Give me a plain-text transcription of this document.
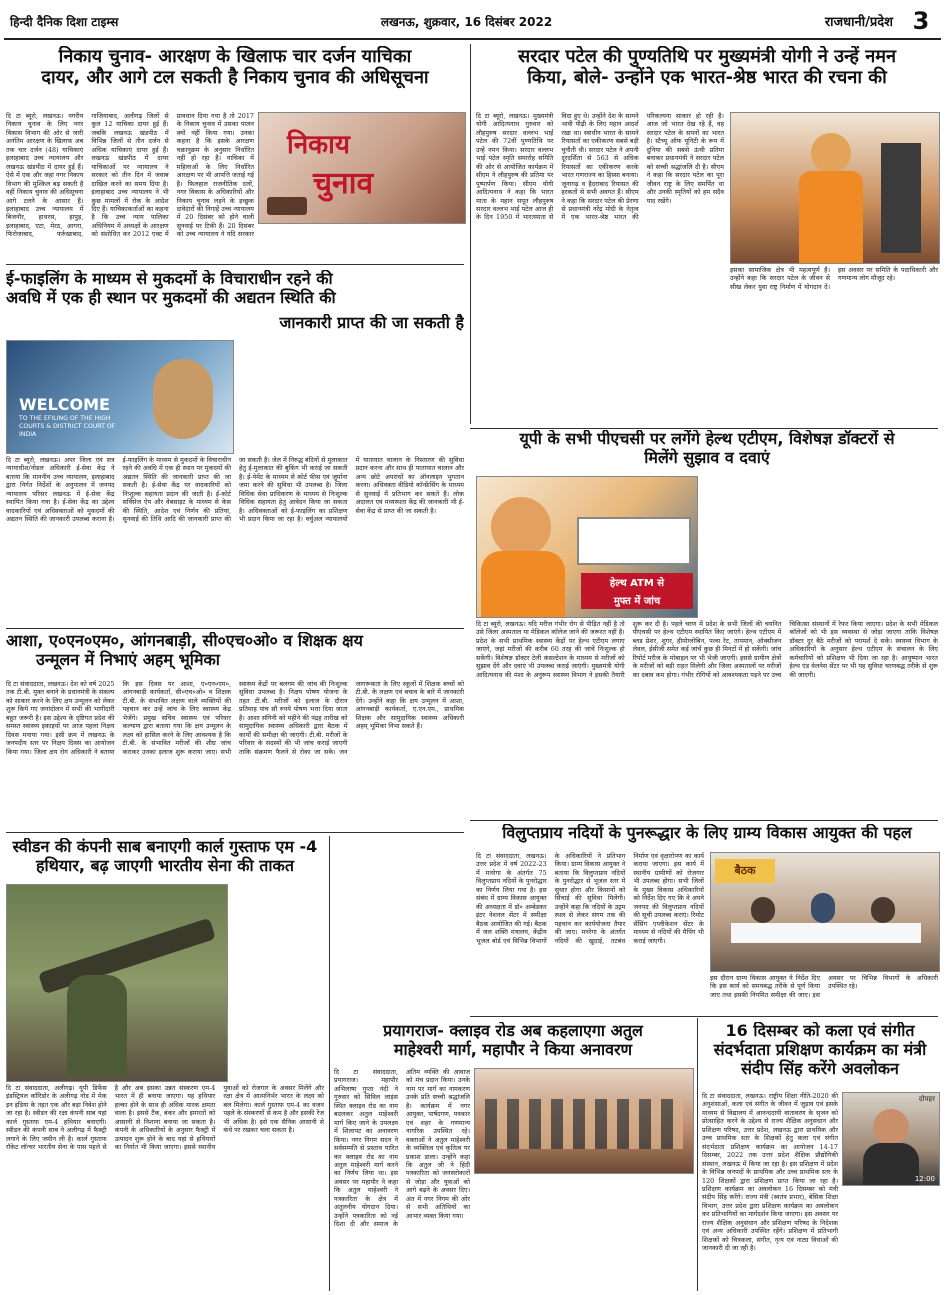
हिन्दी दैनिक दिशा टाइम्स	लखनऊ, शुक्रवार, 16 दिसंबर 2022	राजधानी/प्रदेश 3
निकाय चुनाव- आरक्षण के खिलाफ चार दर्जन याचिका
दायर, और आगे टल सकती है निकाय चुनाव की अधिसूचना
दि टा ब्यूरो, लखनऊ। नगरीय निकाय चुनाव के लिए नगर विकास विभाग की ओर से जारी अनंतिम आरक्षण के खिलाफ अब तक चार दर्जन (48) याचिकाएं इलाहाबाद उच्च न्यायालय और लखनऊ खंडपीठ में दायर हुई हैं। ऐसे में एक और जहां नगर निकाय विभाग की मुश्किल बढ़ सकती है वहीं निकाय चुनाव की अधिसूचना आगे टलने के आसार हैं। इलाहाबाद उच्च न्यायालय में बिजनौर, हाथरस, हापुड़, इलाहाबाद, एटा, मेरठ, आगरा, फिरोजाबाद, फर्रुखाबाद, गाजियाबाद, अलीगढ़ जिलों से कुल 12 याचिका दायर हुई हैं। जबकि लखनऊ खंडपीठ में विभिन्न जिलों से तीन दर्जन से अधिक याचिकाएं दायर हुई हैं। लखनऊ खंडपीठ में दायर याचिकाओं पर न्यायालय ने सरकार को तीन दिन में जवाब दाखिल करने का समय दिया है। इलाहाबाद उच्च न्यायालय ने भी कुछ मामलों में रोक के आदेश दिए हैं। याचिकाकर्ताओं का कहना है कि उच्च न्याय पालिका अधिनियम में अध्यक्षों के आरक्षण को संशोधित कर 2012 एक्ट में प्रावधान दिया गया है तो 2017 के निकाय चुनाव में उसका पालन क्यों नहीं किया गया। उनका कहना है कि इसके आरक्षण चक्रानुक्रम के अनुसार निर्धारित नहीं हो रहा है। याचिका में महिलाओं के लिए निर्धारित आरक्षण पर भी आपत्ति जताई गई है। फिलहाल राजनीतिक दलों, नगर विकास के अधिकारियों और निकाय चुनाव लड़ने के इच्छुक दावेदारों की निगाहें उच्च न्यायालय में 20 दिसंबर को होने वाली सुनवाई पर टिकी हैं। 20 दिसंबर को उच्च न्यायालय ने यदि सरकार
निकाय
चुनाव
सरदार पटेल की पुण्यतिथि पर मुख्यमंत्री योगी ने उन्हें नमन
किया, बोले- उन्होंने एक भारत-श्रेष्ठ भारत की रचना की
दि टा ब्यूरो, लखनऊ। मुख्यमंत्री योगी आदित्यनाथ गुरुवार को लौहपुरुष सरदार वल्लभ भाई पटेल की 72वीं पुण्यतिथि पर उन्हें नमन किया। सरदार वल्लभ भाई पटेल स्मृति समारोह समिति की ओर से आयोजित कार्यक्रम में सीएम ने लौहपुरुष की प्रतिमा पर पुष्पार्पण किया। सीएम योगी आदित्यनाथ ने कहा कि भारत माता के महान सपूत लौहपुरुष सरदार वल्लभ भाई पटेल आज ही के दिन 1950 में भारतमाता से विदा हुए थे। उन्होंने देश के सामने भावी पीढ़ी के लिए महान आदर्श रखा था। स्वाधीन भारत के सामने रियासतों का एकीकरण सबसे बड़ी चुनौती थी। सरदार पटेल ने अपनी दूरदर्शिता से 563 से अधिक रियासतों का एकीकरण करके भारत गणराज्य का हिस्सा बनाया। जूनागढ़ व हैदराबाद रियासत की हरकतों से सभी अवगत हैं। सीएम ने कहा कि सरदार पटेल की प्रेरणा से प्रधानमंत्री नरेंद्र मोदी के नेतृत्व में एक भारत-श्रेष्ठ भारत की परिकल्पना साकार हो रही है। आज जो भारत देख रहे हैं, वह सरदार पटेल के सपनों का भारत है। स्टैच्यू ऑफ यूनिटी के रूप में दुनिया की सबसे ऊंची प्रतिमा बनाकर प्रधानमंत्री ने सरदार पटेल को सच्ची श्रद्धांजलि दी है। सीएम ने कहा कि सरदार पटेल का पूरा जीवन राष्ट्र के लिए समर्पित था और उनकी स्मृतियों को हम सदैव याद रखेंगे।
इसका सामाजिक क्षेत्र भी महत्वपूर्ण है। उन्होंने कहा कि सरदार पटेल के जीवन से सीख लेकर युवा राष्ट्र निर्माण में योगदान दें। इस अवसर पर समिति के पदाधिकारी और गणमान्य लोग मौजूद रहे।
ई-फाइलिंग के माध्यम से मुकदमों के विचाराधीन रहने की
अवधि में एक ही स्थान पर मुकदमों की अद्यतन स्थिति की
जानकारी प्राप्त की जा सकती है
WELCOME
TO THE EFILING OF THE HIGH COURTS & DISTRICT COURT OF INDIA
दि टा ब्यूरो, लखनऊ। अपर जिला एवं सत्र न्यायाधीश/नोडल अधिकारी ई-सेवा केंद्र ने बताया कि माननीय उच्च न्यायालय, इलाहाबाद द्वारा निर्गत निर्देशों के अनुपालन में जनपद न्यायालय परिसर लखनऊ में ई-सेवा केंद्र स्थापित किया गया है। ई-सेवा केंद्र का उद्देश्य वादकारियों एवं अधिवक्ताओं को मुकदमों की अद्यतन स्थिति की जानकारी उपलब्ध कराना है। ई-फाइलिंग के माध्यम से मुकदमों के विचाराधीन रहने की अवधि में एक ही स्थान पर मुकदमों की अद्यतन स्थिति की जानकारी प्राप्त की जा सकती है। ई-सेवा केंद्र पर वादकारियों को निःशुल्क सहायता प्रदान की जाती है। ई-कोर्ट सर्विसेज ऐप और वेबसाइट के माध्यम से केस की स्थिति, आदेश एवं निर्णय की प्रतियां, सुनवाई की तिथि आदि की जानकारी प्राप्त की जा सकती है। जेल में निरुद्ध बंदियों से मुलाकात हेतु ई-मुलाकात की बुकिंग भी कराई जा सकती है। ई-पेमेंट के माध्यम से कोर्ट फीस एवं जुर्माना जमा करने की सुविधा भी उपलब्ध है। जिला विधिक सेवा प्राधिकरण के माध्यम से निःशुल्क विधिक सहायता हेतु आवेदन किया जा सकता है। अधिवक्ताओं को ई-फाइलिंग का प्रशिक्षण भी प्रदान किया जा रहा है। वर्चुअल न्यायालयों में यातायात चालान के निस्तारण की सुविधा प्रदान करना और साथ ही यातायात चालान और अन्य छोटे अपराधों का ऑनलाइन भुगतान करना। अधिवक्ता वीडियो कॉन्फ्रेंसिंग के माध्यम से सुनवाई में प्रतिभाग कर सकते हैं। लोक अदालत एवं मध्यस्थता केंद्र की जानकारी भी ई-सेवा केंद्र से प्राप्त की जा सकती है।
यूपी के सभी पीएचसी पर लगेंगे हेल्थ एटीएम, विशेषज्ञ डॉक्टरों से
मिलेंगे सुझाव व दवाएं
हेल्थ ATM से
मुफ्त में जांच
दि टा ब्यूरो, लखनऊ। यदि मरीज गंभीर रोग से पीड़ित नहीं है तो उसे जिला अस्पताल या मेडिकल कॉलेज जाने की जरूरत नहीं है। प्रदेश के सभी प्राथमिक स्वास्थ्य केंद्रों पर हेल्थ एटीएम लगाए जाएंगे, जहां मरीजों की करीब 60 तरह की जांचें निःशुल्क हो सकेंगी। विशेषज्ञ डॉक्टर टेली कंसल्टेशन के माध्यम से मरीजों को सुझाव देंगे और दवाएं भी उपलब्ध कराई जाएंगी। मुख्यमंत्री योगी आदित्यनाथ की मंशा के अनुरूप स्वास्थ्य विभाग ने इसकी तैयारी शुरू कर दी है। पहले चरण में प्रदेश के सभी जिलों की चयनित पीएचसी पर हेल्थ एटीएम स्थापित किए जाएंगे। हेल्थ एटीएम में ब्लड प्रेशर, शुगर, हीमोग्लोबिन, पल्स रेट, तापमान, ऑक्सीजन लेवल, ईसीजी समेत कई जांचें कुछ ही मिनटों में हो सकेंगी। जांच रिपोर्ट मरीज के मोबाइल पर भी भेजी जाएगी। इससे ग्रामीण क्षेत्रों के मरीजों को बड़ी राहत मिलेगी और जिला अस्पतालों पर मरीजों का दबाव कम होगा। गंभीर रोगियों को आवश्यकता पड़ने पर उच्च चिकित्सा संस्थानों में रेफर किया जाएगा। प्रदेश के सभी मेडिकल कॉलेजों को भी इस व्यवस्था से जोड़ा जाएगा ताकि विशेषज्ञ डॉक्टर दूर बैठे मरीजों को परामर्श दे सकें। स्वास्थ्य विभाग के अधिकारियों के अनुसार हेल्थ एटीएम के संचालन के लिए कर्मचारियों को प्रशिक्षण भी दिया जा रहा है। आयुष्मान भारत हेल्थ एंड वेलनेस सेंटर पर भी यह सुविधा चरणबद्ध तरीके से शुरू की जाएगी।
आशा, ए०एन०एम०, आंगनबाड़ी, सी०एच०ओ० व शिक्षक क्षय
उन्मूलन में निभाएं अहम् भूमिका
दि टा संवाददाता, लखनऊ। देश को वर्ष 2025 तक टी.बी. मुक्त बनाने के प्रधानमंत्री के संकल्प को साकार करने के लिए क्षय उन्मूलन को लेकर शुरू किये गए जनांदोलन में सभी की भागीदारी बहुत जरूरी है। इस उद्देश्य के दृष्टिगत प्रदेश की समस्त स्वास्थ्य इकाइयों पर आज पहला निक्षय दिवस मनाया गया। इसी क्रम में लखनऊ के जनपदीय स्तर पर निक्षय दिवस का आयोजन किया गया। जिला क्षय रोग अधिकारी ने बताया कि इस दिवस पर आशा, ए०एन०एम०, आंगनबाड़ी कार्यकर्ता, सी०एच०ओ० व शिक्षक टी.बी. के संभावित लक्षण वाले व्यक्तियों की पहचान कर उन्हें जांच के लिए स्वास्थ्य केंद्र भेजेंगे। प्रमुख सचिव स्वास्थ्य एवं परिवार कल्याण द्वारा बताया गया कि क्षय उन्मूलन के लक्ष्य को हासिल करने के लिए आवश्यक है कि टी.बी. के संभावित मरीजों की शीघ्र जांच कराकर उनका इलाज शुरू कराया जाए। सभी स्वास्थ्य केंद्रों पर बलगम की जांच की निःशुल्क सुविधा उपलब्ध है। निक्षय पोषण योजना के तहत टी.बी. मरीजों को इलाज के दौरान प्रतिमाह पांच सौ रुपये पोषण भत्ता दिया जाता है। आशा संगिनी को महीने की पंद्रह तारीख को सामुदायिक स्वास्थ्य अधिकारी द्वारा बैठक में कार्यों की समीक्षा की जाएगी। टी.बी. मरीजों के परिवार के सदस्यों की भी जांच कराई जाएगी ताकि संक्रमण फैलने से रोका जा सके। जन जागरूकता के लिए स्कूलों में शिक्षक बच्चों को टी.बी. के लक्षण एवं बचाव के बारे में जानकारी देंगे। उन्होंने कहा कि क्षय उन्मूलन में आशा, आंगनबाड़ी कार्यकर्ता, ए.एन.एम., प्राथमिक शिक्षक और सामुदायिक स्वास्थ्य अधिकारी अहम् भूमिका निभा सकते हैं।
विलुप्तप्राय नदियों के पुनरूद्धार के लिए ग्राम्य विकास आयुक्त की पहल
दि टा संवाददाता, लखनऊ। उत्तर प्रदेश में वर्ष 2022-23 में मनरेगा के अंतर्गत 75 विलुप्तप्राय नदियों के पुनरोद्धार का निर्णय लिया गया है। इस संबंध में ग्राम्य विकास आयुक्त की अध्यक्षता में डॉ० अम्बेडकर इंटर नेशनल सेंटर में समीक्षा बैठक आयोजित की गई। बैठक में जल शक्ति मंत्रालय, केंद्रीय भूजल बोर्ड एवं विभिन्न विभागों के अधिकारियों ने प्रतिभाग किया। ग्राम्य विकास आयुक्त ने बताया कि विलुप्तप्राय नदियों के पुनरोद्धार से भूजल स्तर में सुधार होगा और किसानों को सिंचाई की सुविधा मिलेगी। उन्होंने कहा कि नदियों के उद्गम स्थल से लेकर संगम तक की पहचान कर कार्ययोजना तैयार की जाए। मनरेगा के अंतर्गत नदियों की खुदाई, तटबंध निर्माण एवं वृक्षारोपण का कार्य कराया जाएगा। इस कार्य में स्थानीय ग्रामीणों को रोजगार भी उपलब्ध होगा। सभी जिलों के मुख्य विकास अधिकारियों को निर्देश दिए गए कि वे अपने जनपद की विलुप्तप्राय नदियों की सूची उपलब्ध कराएं। रिमोट सेंसिंग एप्लीकेशन सेंटर के माध्यम से नदियों की मैपिंग भी कराई जाएगी।
बैठक
इस दौरान ग्राम्य विकास आयुक्त ने निर्देश दिए कि इस कार्य को समयबद्ध तरीके से पूर्ण किया जाए तथा इसकी नियमित समीक्षा की जाए। इस अवसर पर विभिन्न विभागों के अधिकारी उपस्थित रहे।
स्वीडन की कंपनी साब बनाएगी कार्ल गुस्ताफ एम -4
हथियार, बढ़ जाएगी भारतीय सेना की ताकत
दि टा संवाददाता, अलीगढ़। यूपी डिफेंस इंडस्ट्रियल कॉरिडोर के अलीगढ़ नोड में मेक इन इंडिया के तहत एक और बड़ा निवेश होने जा रहा है। स्वीडन की रक्षा कंपनी साब यहां कार्ल गुस्ताफ एम-4 हथियार बनाएगी। स्वीडन की कंपनी साब ने अलीगढ़ में फैक्ट्री लगाने के लिए जमीन ली है। कार्ल गुस्ताफ रॉकेट लॉन्चर भारतीय सेना के पास पहले से है और अब इसका उन्नत संस्करण एम-4 भारत में ही बनाया जाएगा। यह हथियार हल्का होने के साथ ही अधिक मारक क्षमता वाला है। इससे टैंक, बंकर और इमारतों को आसानी से निशाना बनाया जा सकता है। कंपनी के अधिकारियों के अनुसार फैक्ट्री में उत्पादन शुरू होने के बाद यहां से हथियारों का निर्यात भी किया जाएगा। इससे स्थानीय युवाओं को रोजगार के अवसर मिलेंगे और रक्षा क्षेत्र में आत्मनिर्भर भारत के लक्ष्य को बल मिलेगा। कार्ल गुस्ताफ एम-4 का वजन पहले के संस्करणों से कम है और इसकी रेंज भी अधिक है। इसे एक सैनिक आसानी से कंधे पर रखकर चला सकता है।
प्रयागराज- क्लाइव रोड अब कहलाएगा अतुल
माहेश्वरी मार्ग, महापौर ने किया अनावरण
दि टा संवाददाता, प्रयागराज। महापौर अभिलाषा गुप्ता नंदी ने गुरुवार को सिविल लाइंस स्थित क्लाइव रोड का नाम बदलकर अतुल माहेश्वरी मार्ग किए जाने के उपलक्ष्य में शिलापट का अनावरण किया। नगर निगम सदन ने सर्वसम्मति से प्रस्ताव पारित कर क्लाइव रोड का नाम अतुल माहेश्वरी मार्ग करने का निर्णय लिया था। इस अवसर पर महापौर ने कहा कि अतुल माहेश्वरी ने पत्रकारिता के क्षेत्र में अतुलनीय योगदान दिया। उन्होंने पत्रकारिता को नई दिशा दी और समाज के अंतिम व्यक्ति की आवाज को मंच प्रदान किया। उनके नाम पर मार्ग का नामकरण उनके प्रति सच्ची श्रद्धांजलि है। कार्यक्रम में नगर आयुक्त, पार्षदगण, पत्रकार एवं शहर के गणमान्य नागरिक उपस्थित रहे। वक्ताओं ने अतुल माहेश्वरी के व्यक्तित्व एवं कृतित्व पर प्रकाश डाला। उन्होंने कहा कि अतुल जी ने हिंदी पत्रकारिता को जनसरोकारों से जोड़ा और युवाओं को आगे बढ़ने के अवसर दिए। अंत में नगर निगम की ओर से सभी अतिथियों का आभार व्यक्त किया गया।
16 दिसम्बर को कला एवं संगीत
संदर्भदाता प्रशिक्षण कार्यक्रम का मंत्री
संदीप सिंह करेंगे अवलोकन
दोपहर
12:00
दि टा संवाददाता, लखनऊ। राष्ट्रीय शिक्षा नीति-2020 की अनुशंसाओं, कला एवं संगीत के जीवन में जुड़ाव एवं इसके माध्यम से विद्यालय में आनन्ददायी वातावरण के सृजन को प्रोत्साहित करने के उद्देश्य से राज्य शैक्षिक अनुसंधान और प्रशिक्षण परिषद, उत्तर प्रदेश, लखनऊ द्वारा प्राथमिक और उच्च प्राथमिक स्तर के शिक्षकों हेतु कला एवं संगीत संदर्भदाता प्रशिक्षण कार्यक्रम का आयोजन 14-17 दिसम्बर, 2022 तक उत्तर प्रदेश शैक्षिक प्रौद्योगिकी संस्थान, लखनऊ में किया जा रहा है। इस प्रशिक्षण में प्रदेश के विभिन्न जनपदों के प्राथमिक और उच्च प्राथमिक स्तर के 120 शिक्षकों द्वारा प्रशिक्षण प्राप्त किया जा रहा है। प्रशिक्षण कार्यक्रम का अवलोकन 16 दिसम्बर को मंत्री संदीप सिंह करेंगे। राज्य मंत्री (स्वतंत्र प्रभार), बेसिक शिक्षा विभाग, उत्तर प्रदेश द्वारा प्रशिक्षण कार्यक्रम का अवलोकन कर प्रतिभागियों का मार्गदर्शन किया जाएगा। इस अवसर पर राज्य शैक्षिक अनुसंधान और प्रशिक्षण परिषद के निदेशक एवं अन्य अधिकारी उपस्थित रहेंगे। प्रशिक्षण में प्रतिभागी शिक्षकों को चित्रकला, संगीत, नृत्य एवं नाट्य विधाओं की जानकारी दी जा रही है।
